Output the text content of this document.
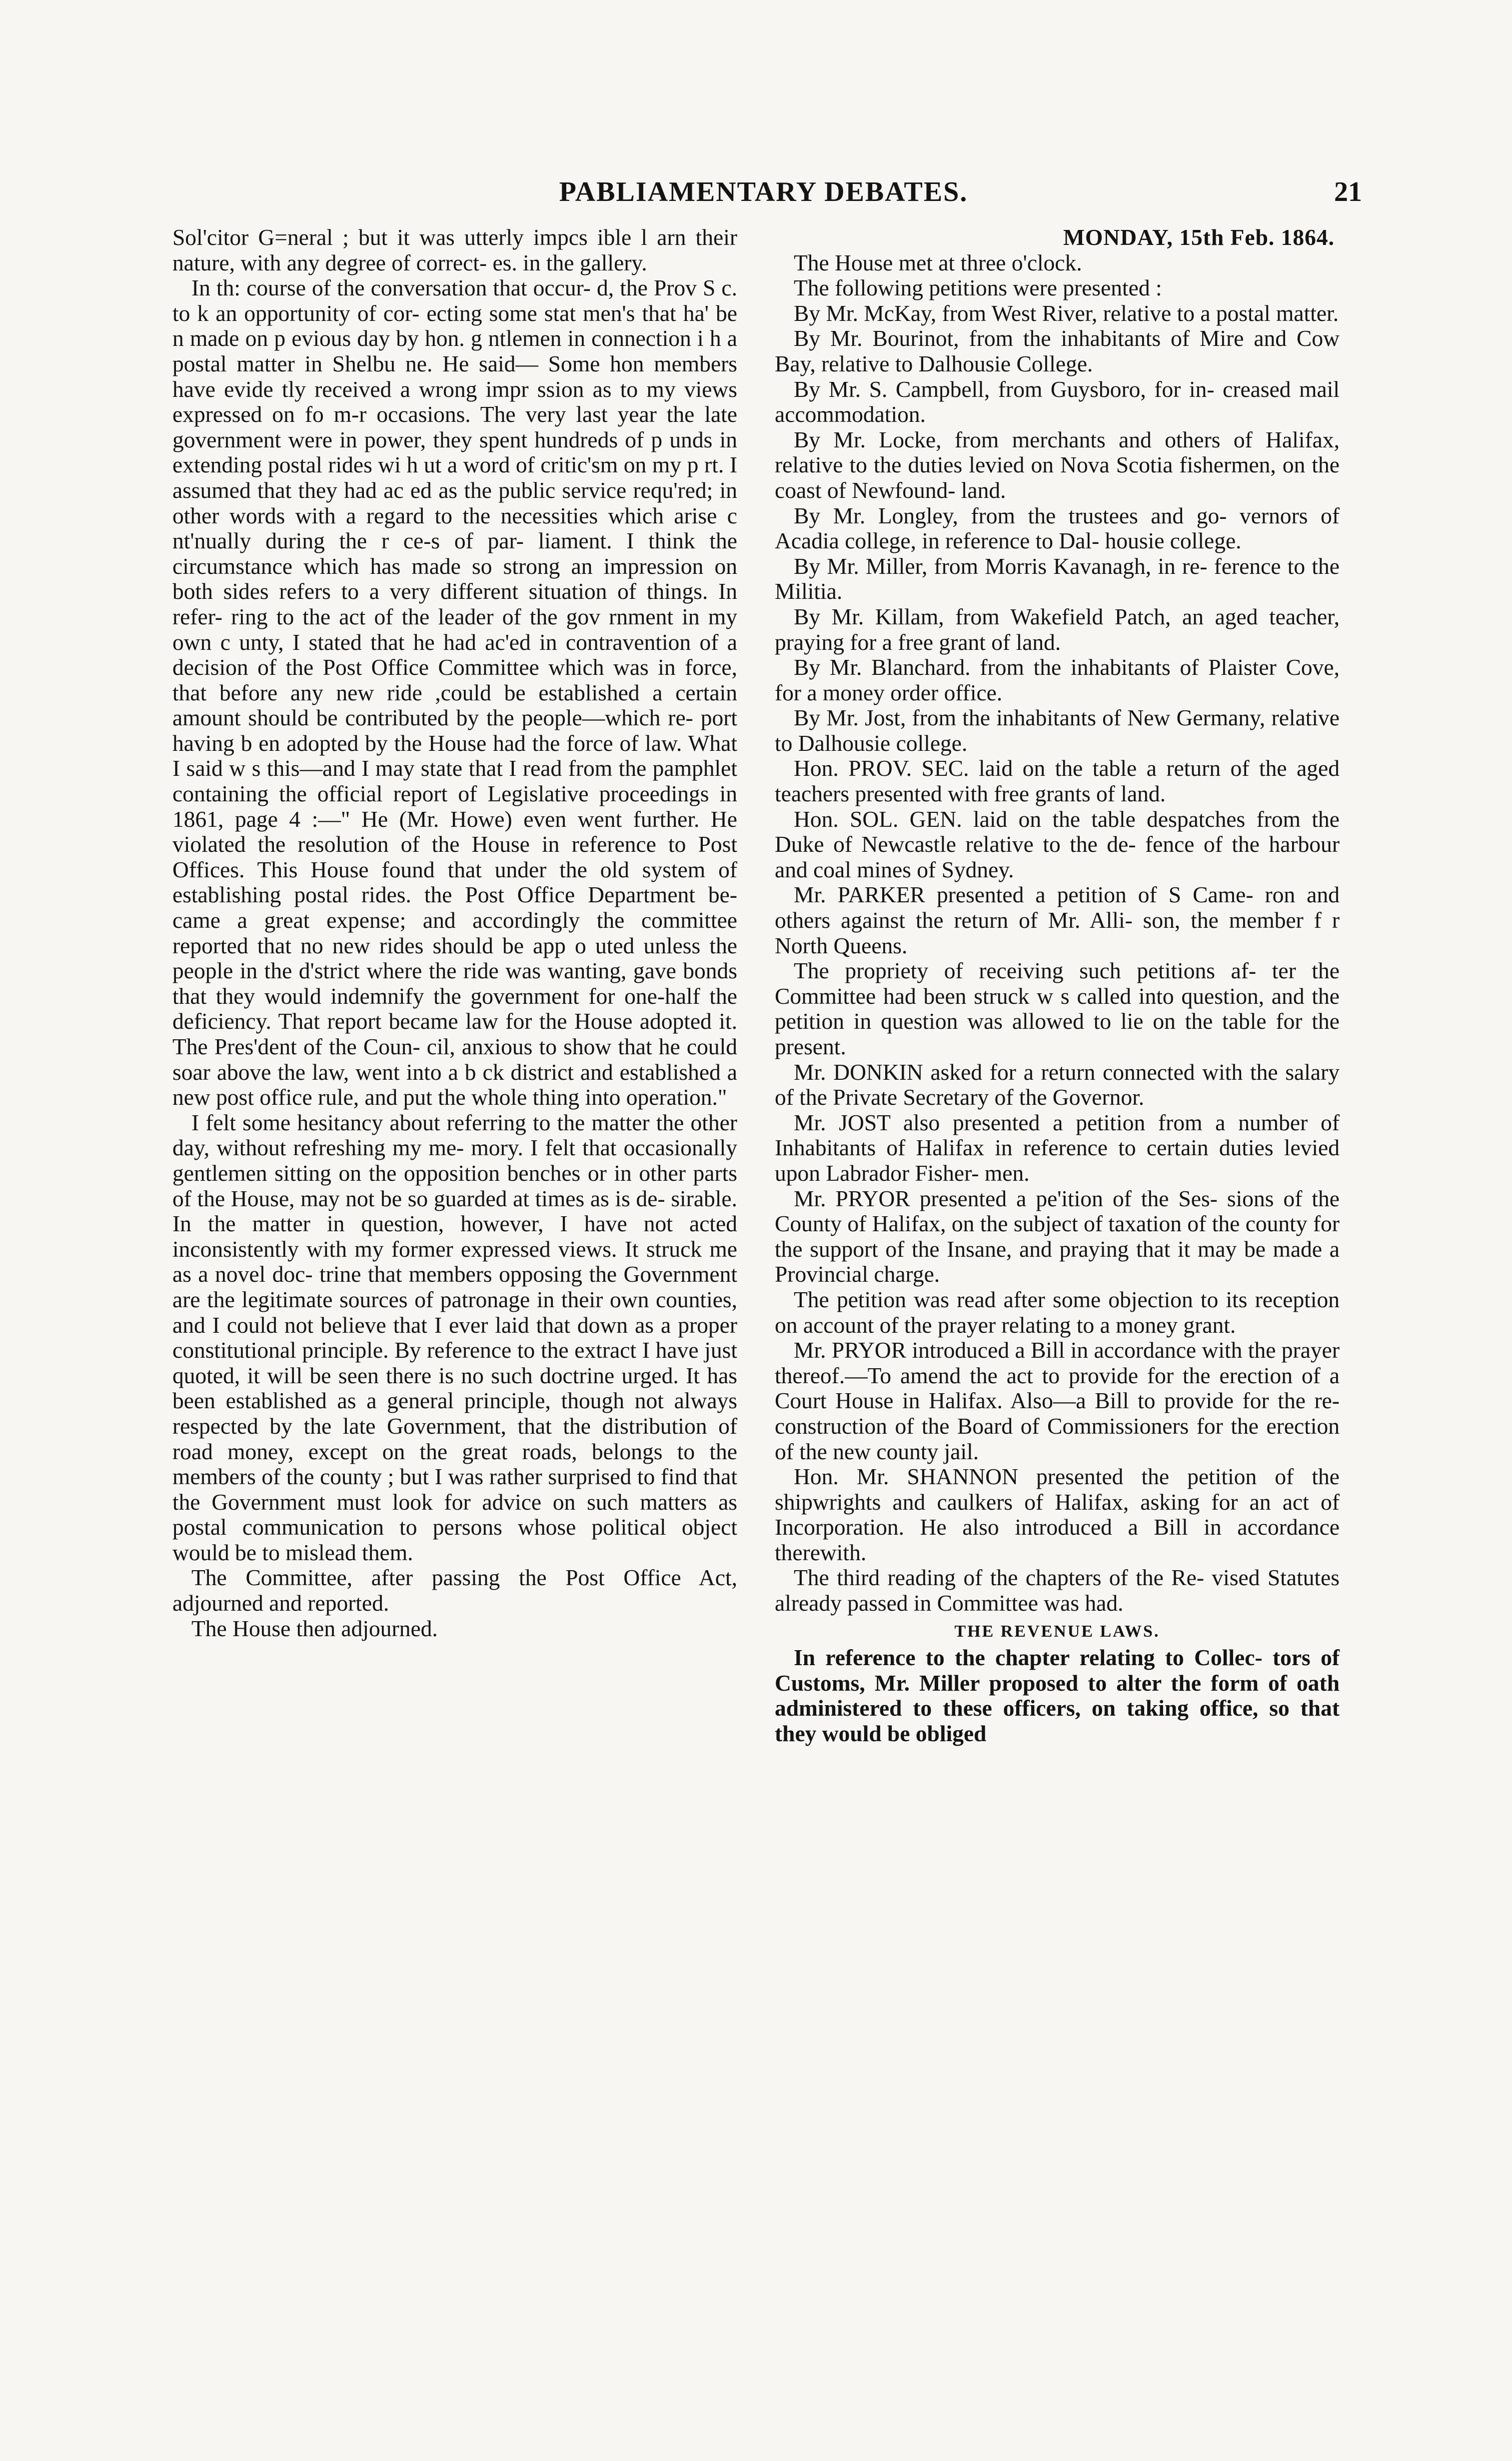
PABLIAMENTARY DEBATES.	21

Sol'citor G=neral ; but it was utterly impcs ible l arn their nature, with any degree of correct- es. in the gallery.

In th: course of the conversation that occur- d, the Prov S c. to k an opportunity of cor- ecting some stat men's that ha' be n made on p evious day by hon. g ntlemen in connection i h a postal matter in Shelbu ne. He said— Some hon members have evide tly received a wrong impr ssion as to my views expressed on fo m-r occasions. The very last year the late government were in power, they spent hundreds of p unds in extending postal rides wi h ut a word of critic'sm on my p rt. I assumed that they had ac ed as the public service requ'red; in other words with a regard to the necessities which arise c nt'nually during the r ce-s of par- liament. I think the circumstance which has made so strong an impression on both sides refers to a very different situation of things. In refer- ring to the act of the leader of the gov rnment in my own c unty, I stated that he had ac'ed in contravention of a decision of the Post Office Committee which was in force, that before any new ride ,could be established a certain amount should be contributed by the people—which re- port having b en adopted by the House had the force of law. What I said w s this—and I may state that I read from the pamphlet containing the official report of Legislative proceedings in 1861, page 4 :—" He (Mr. Howe) even went further. He violated the resolution of the House in reference to Post Offices. This House found that under the old system of establishing postal rides. the Post Office Department be- came a great expense; and accordingly the committee reported that no new rides should be app o uted unless the people in the d'strict where the ride was wanting, gave bonds that they would indemnify the government for one-half the deficiency. That report became law for the House adopted it. The Pres'dent of the Coun- cil, anxious to show that he could soar above the law, went into a b ck district and established a new post office rule, and put the whole thing into operation."

I felt some hesitancy about referring to the matter the other day, without refreshing my me- mory. I felt that occasionally gentlemen sitting on the opposition benches or in other parts of the House, may not be so guarded at times as is de- sirable. In the matter in question, however, I have not acted inconsistently with my former expressed views. It struck me as a novel doc- trine that members opposing the Government are the legitimate sources of patronage in their own counties, and I could not believe that I ever laid that down as a proper constitutional principle. By reference to the extract I have just quoted, it will be seen there is no such doctrine urged. It has been established as a general principle, though not always respected by the late Government, that the distribution of road money, except on the great roads, belongs to the members of the county ; but I was rather surprised to find that the Government must look for advice on such matters as postal communication to persons whose political object would be to mislead them.

The Committee, after passing the Post Office Act, adjourned and reported.

The House then adjourned.

MONDAY, 15th Feb. 1864.

The House met at three o'clock.

The following petitions were presented :

By Mr. McKay, from West River, relative to a postal matter.

By Mr. Bourinot, from the inhabitants of Mire and Cow Bay, relative to Dalhousie College.

By Mr. S. Campbell, from Guysboro, for in- creased mail accommodation.

By Mr. Locke, from merchants and others of Halifax, relative to the duties levied on Nova Scotia fishermen, on the coast of Newfound- land.

By Mr. Longley, from the trustees and go- vernors of Acadia college, in reference to Dal- housie college.

By Mr. Miller, from Morris Kavanagh, in re- ference to the Militia.

By Mr. Killam, from Wakefield Patch, an aged teacher, praying for a free grant of land.

By Mr. Blanchard. from the inhabitants of Plaister Cove, for a money order office.

By Mr. Jost, from the inhabitants of New Germany, relative to Dalhousie college.

Hon. PROV. SEC. laid on the table a return of the aged teachers presented with free grants of land.

Hon. SOL. GEN. laid on the table despatches from the Duke of Newcastle relative to the de- fence of the harbour and coal mines of Sydney.

Mr. PARKER presented a petition of S Came- ron and others against the return of Mr. Alli- son, the member f r North Queens.

The propriety of receiving such petitions af- ter the Committee had been struck w s called into question, and the petition in question was allowed to lie on the table for the present.

Mr. DONKIN asked for a return connected with the salary of the Private Secretary of the Governor.

Mr. JOST also presented a petition from a number of Inhabitants of Halifax in reference to certain duties levied upon Labrador Fisher- men.

Mr. PRYOR presented a pe'ition of the Ses- sions of the County of Halifax, on the subject of taxation of the county for the support of the Insane, and praying that it may be made a Provincial charge.

The petition was read after some objection to its reception on account of the prayer relating to a money grant.

Mr. PRYOR introduced a Bill in accordance with the prayer thereof.—To amend the act to provide for the erection of a Court House in Halifax. Also—a Bill to provide for the re- construction of the Board of Commissioners for the erection of the new county jail.

Hon. Mr. SHANNON presented the petition of the shipwrights and caulkers of Halifax, asking for an act of Incorporation. He also introduced a Bill in accordance therewith.

The third reading of the chapters of the Re- vised Statutes already passed in Committee was had.

THE REVENUE LAWS.

In reference to the chapter relating to Collec- tors of Customs, Mr. Miller proposed to alter the form of oath administered to these officers, on taking office, so that they would be obliged
